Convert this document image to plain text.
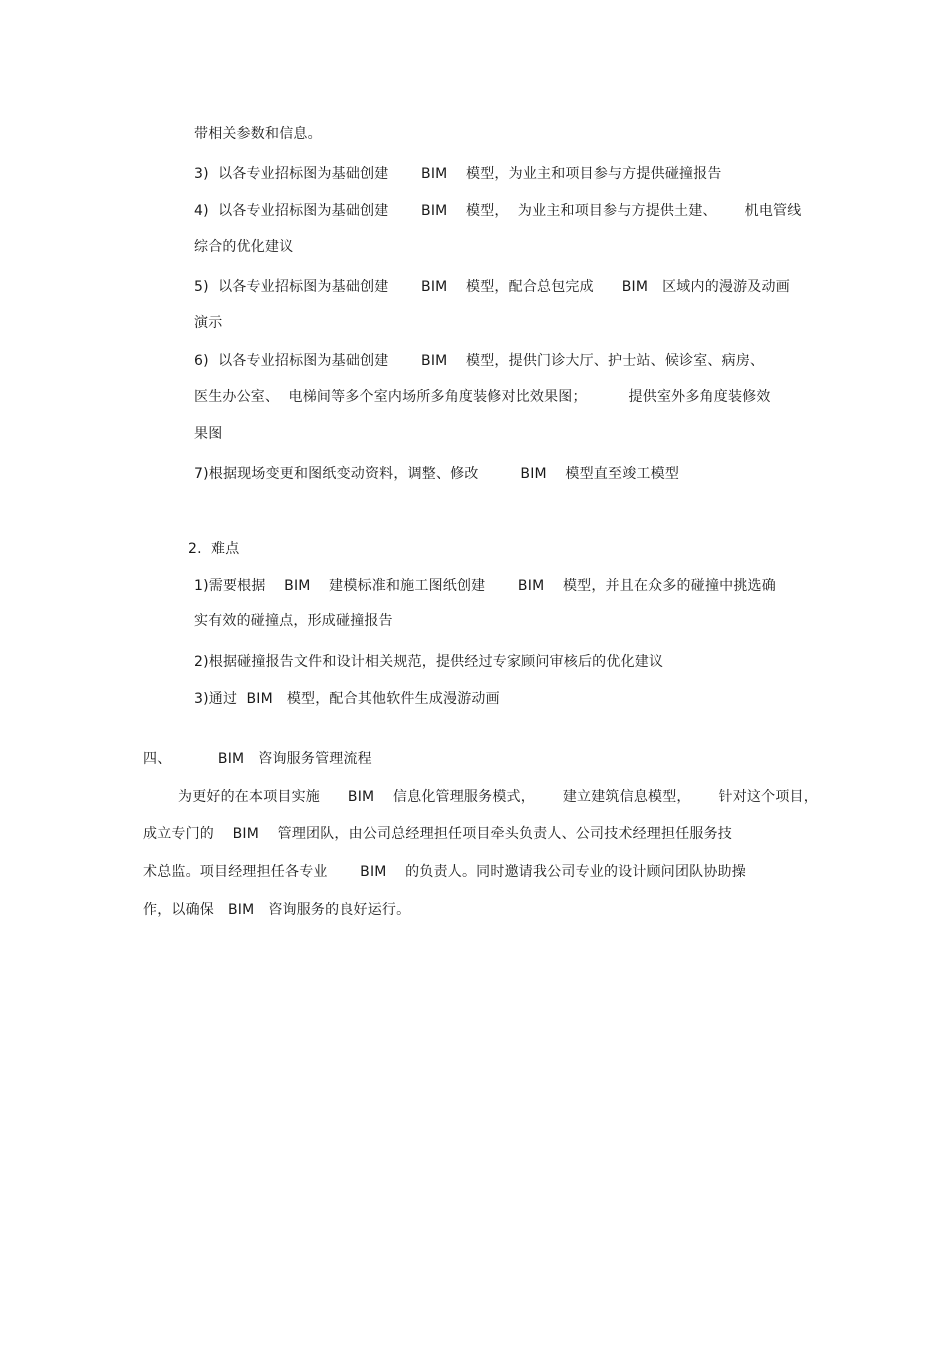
带相关参数和信息。
3)  以各专业招标图为基础创建       BIM    模型，为业主和项目参与方提供碰撞报告
4)  以各专业招标图为基础创建       BIM    模型，  为业主和项目参与方提供土建、      机电管线
综合的优化建议
5)  以各专业招标图为基础创建       BIM    模型，配合总包完成      BIM   区域内的漫游及动画
演示
6)  以各专业招标图为基础创建       BIM    模型，提供门诊大厅、护士站、候诊室、病房、
医生办公室、  电梯间等多个室内场所多角度装修对比效果图；         提供室外多角度装修效
果图
7)根据现场变更和图纸变动资料，调整、修改         BIM    模型直至竣工模型
2.  难点
1)需要根据    BIM    建模标准和施工图纸创建       BIM    模型，并且在众多的碰撞中挑选确
实有效的碰撞点，形成碰撞报告
2)根据碰撞报告文件和设计相关规范，提供经过专家顾问审核后的优化建议
3)通过  BIM   模型，配合其他软件生成漫游动画
四、          BIM   咨询服务管理流程
为更好的在本项目实施      BIM    信息化管理服务模式，      建立建筑信息模型，      针对这个项目，
成立专门的    BIM    管理团队，由公司总经理担任项目牵头负责人、公司技术经理担任服务技
术总监。项目经理担任各专业       BIM    的负责人。同时邀请我公司专业的设计顾问团队协助操
作，以确保   BIM   咨询服务的良好运行。
